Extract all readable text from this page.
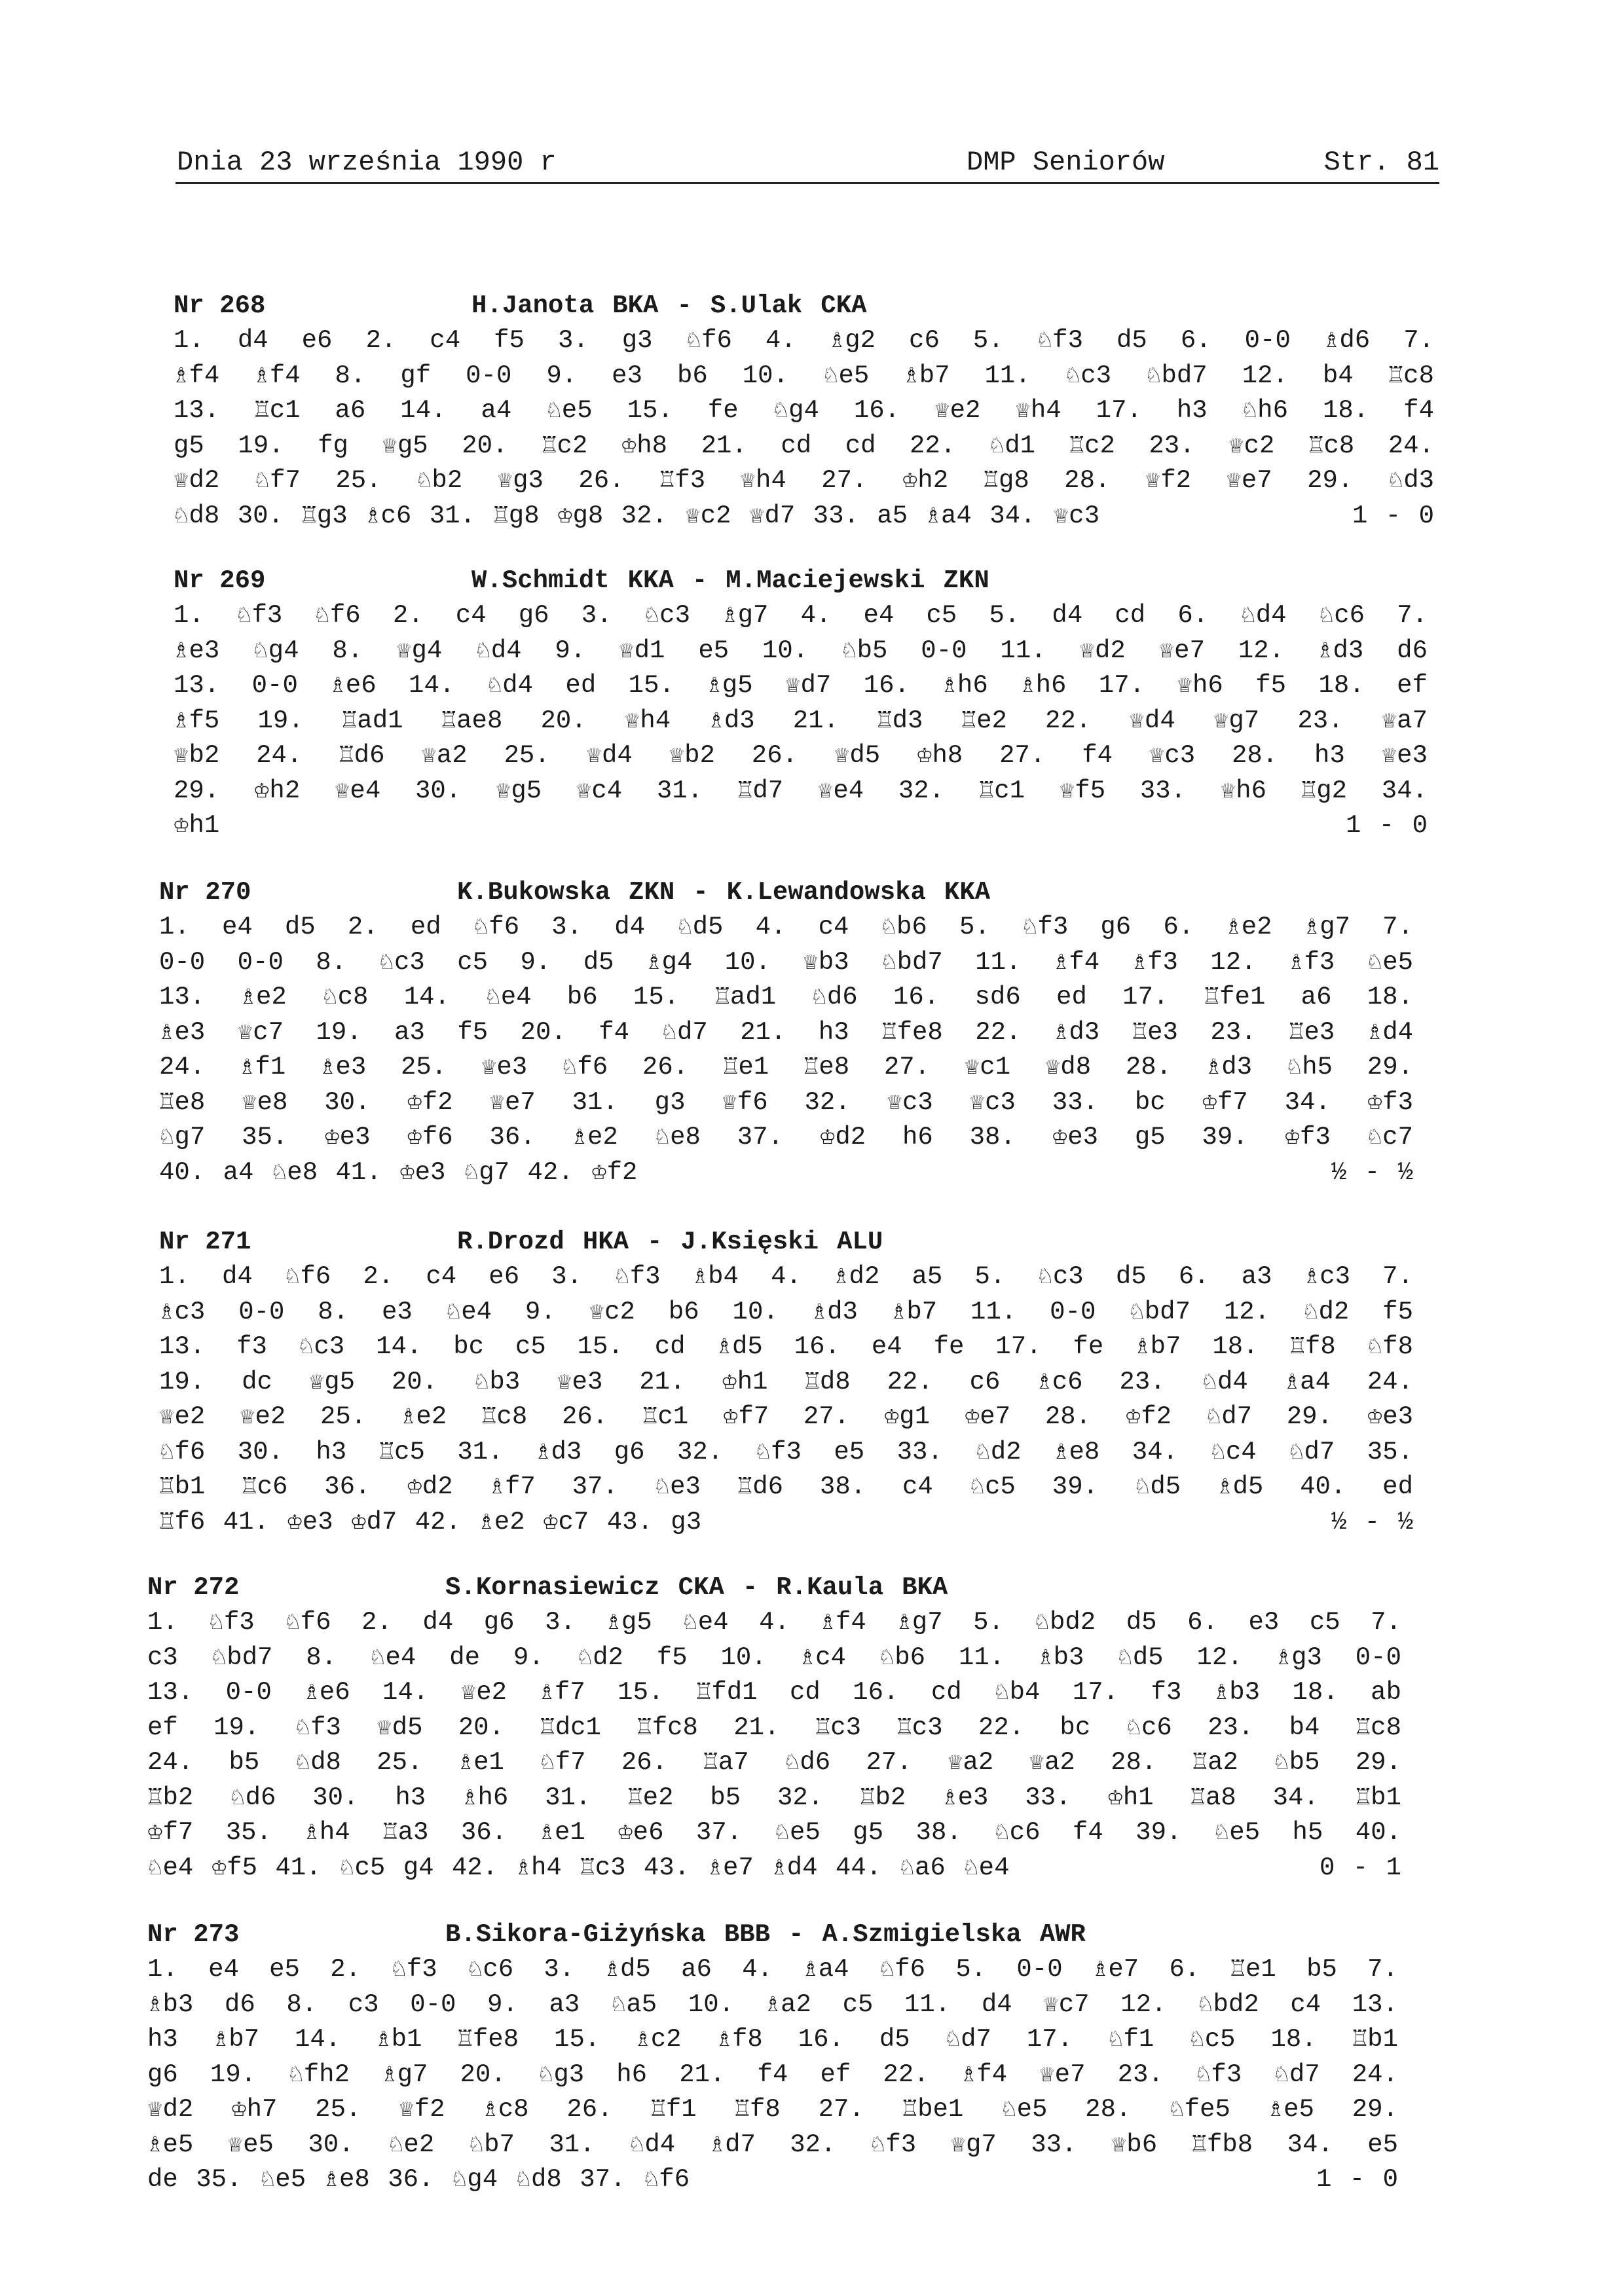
Dnia 23 września 1990 r	DMP Seniorów	Str. 81
Nr 268	H.Janota BKA - S.Ulak CKA
1. d4 e6 2. c4 f5 3. g3 ♘f6 4. ♗g2 c6 5. ♘f3 d5 6. 0-0 ♗d6 7.
♗f4 ♗f4 8. gf 0-0 9. e3 b6 10. ♘e5 ♗b7 11. ♘c3 ♘bd7 12. b4 ♖c8
13. ♖c1 a6 14. a4 ♘e5 15. fe ♘g4 16. ♕e2 ♕h4 17. h3 ♘h6 18. f4
g5 19. fg ♕g5 20. ♖c2 ♔h8 21. cd cd 22. ♘d1 ♖c2 23. ♕c2 ♖c8 24.
♕d2 ♘f7 25. ♘b2 ♕g3 26. ♖f3 ♕h4 27. ♔h2 ♖g8 28. ♕f2 ♕e7 29. ♘d3
♘d8 30. ♖g3 ♗c6 31. ♖g8 ♔g8 32. ♕c2 ♕d7 33. a5 ♗a4 34. ♕c3	1 - 0
Nr 269	W.Schmidt KKA - M.Maciejewski ZKN
1. ♘f3 ♘f6 2. c4 g6 3. ♘c3 ♗g7 4. e4 c5 5. d4 cd 6. ♘d4 ♘c6 7.
♗e3 ♘g4 8. ♕g4 ♘d4 9. ♕d1 e5 10. ♘b5 0-0 11. ♕d2 ♕e7 12. ♗d3 d6
13. 0-0 ♗e6 14. ♘d4 ed 15. ♗g5 ♕d7 16. ♗h6 ♗h6 17. ♕h6 f5 18. ef
♗f5 19. ♖ad1 ♖ae8 20. ♕h4 ♗d3 21. ♖d3 ♖e2 22. ♕d4 ♕g7 23. ♕a7
♕b2 24. ♖d6 ♕a2 25. ♕d4 ♕b2 26. ♕d5 ♔h8 27. f4 ♕c3 28. h3 ♕e3
29. ♔h2 ♕e4 30. ♕g5 ♕c4 31. ♖d7 ♕e4 32. ♖c1 ♕f5 33. ♕h6 ♖g2 34.
♔h1	1 - 0
Nr 270	K.Bukowska ZKN - K.Lewandowska KKA
1. e4 d5 2. ed ♘f6 3. d4 ♘d5 4. c4 ♘b6 5. ♘f3 g6 6. ♗e2 ♗g7 7.
0-0 0-0 8. ♘c3 c5 9. d5 ♗g4 10. ♕b3 ♘bd7 11. ♗f4 ♗f3 12. ♗f3 ♘e5
13. ♗e2 ♘c8 14. ♘e4 b6 15. ♖ad1 ♘d6 16. sd6 ed 17. ♖fe1 a6 18.
♗e3 ♕c7 19. a3 f5 20. f4 ♘d7 21. h3 ♖fe8 22. ♗d3 ♖e3 23. ♖e3 ♗d4
24. ♗f1 ♗e3 25. ♕e3 ♘f6 26. ♖e1 ♖e8 27. ♕c1 ♕d8 28. ♗d3 ♘h5 29.
♖e8 ♕e8 30. ♔f2 ♕e7 31. g3 ♕f6 32. ♕c3 ♕c3 33. bc ♔f7 34. ♔f3
♘g7 35. ♔e3 ♔f6 36. ♗e2 ♘e8 37. ♔d2 h6 38. ♔e3 g5 39. ♔f3 ♘c7
40. a4 ♘e8 41. ♔e3 ♘g7 42. ♔f2	½ - ½
Nr 271	R.Drozd HKA - J.Księski ALU
1. d4 ♘f6 2. c4 e6 3. ♘f3 ♗b4 4. ♗d2 a5 5. ♘c3 d5 6. a3 ♗c3 7.
♗c3 0-0 8. e3 ♘e4 9. ♕c2 b6 10. ♗d3 ♗b7 11. 0-0 ♘bd7 12. ♘d2 f5
13. f3 ♘c3 14. bc c5 15. cd ♗d5 16. e4 fe 17. fe ♗b7 18. ♖f8 ♘f8
19. dc ♕g5 20. ♘b3 ♕e3 21. ♔h1 ♖d8 22. c6 ♗c6 23. ♘d4 ♗a4 24.
♕e2 ♕e2 25. ♗e2 ♖c8 26. ♖c1 ♔f7 27. ♔g1 ♔e7 28. ♔f2 ♘d7 29. ♔e3
♘f6 30. h3 ♖c5 31. ♗d3 g6 32. ♘f3 e5 33. ♘d2 ♗e8 34. ♘c4 ♘d7 35.
♖b1 ♖c6 36. ♔d2 ♗f7 37. ♘e3 ♖d6 38. c4 ♘c5 39. ♘d5 ♗d5 40. ed
♖f6 41. ♔e3 ♔d7 42. ♗e2 ♔c7 43. g3	½ - ½
Nr 272	S.Kornasiewicz CKA - R.Kaula BKA
1. ♘f3 ♘f6 2. d4 g6 3. ♗g5 ♘e4 4. ♗f4 ♗g7 5. ♘bd2 d5 6. e3 c5 7.
c3 ♘bd7 8. ♘e4 de 9. ♘d2 f5 10. ♗c4 ♘b6 11. ♗b3 ♘d5 12. ♗g3 0-0
13. 0-0 ♗e6 14. ♕e2 ♗f7 15. ♖fd1 cd 16. cd ♘b4 17. f3 ♗b3 18. ab
ef 19. ♘f3 ♕d5 20. ♖dc1 ♖fc8 21. ♖c3 ♖c3 22. bc ♘c6 23. b4 ♖c8
24. b5 ♘d8 25. ♗e1 ♘f7 26. ♖a7 ♘d6 27. ♕a2 ♕a2 28. ♖a2 ♘b5 29.
♖b2 ♘d6 30. h3 ♗h6 31. ♖e2 b5 32. ♖b2 ♗e3 33. ♔h1 ♖a8 34. ♖b1
♔f7 35. ♗h4 ♖a3 36. ♗e1 ♔e6 37. ♘e5 g5 38. ♘c6 f4 39. ♘e5 h5 40.
♘e4 ♔f5 41. ♘c5 g4 42. ♗h4 ♖c3 43. ♗e7 ♗d4 44. ♘a6 ♘e4	0 - 1
Nr 273	B.Sikora-Giżyńska BBB - A.Szmigielska AWR
1. e4 e5 2. ♘f3 ♘c6 3. ♗d5 a6 4. ♗a4 ♘f6 5. 0-0 ♗e7 6. ♖e1 b5 7.
♗b3 d6 8. c3 0-0 9. a3 ♘a5 10. ♗a2 c5 11. d4 ♕c7 12. ♘bd2 c4 13.
h3 ♗b7 14. ♗b1 ♖fe8 15. ♗c2 ♗f8 16. d5 ♘d7 17. ♘f1 ♘c5 18. ♖b1
g6 19. ♘fh2 ♗g7 20. ♘g3 h6 21. f4 ef 22. ♗f4 ♕e7 23. ♘f3 ♘d7 24.
♕d2 ♔h7 25. ♕f2 ♗c8 26. ♖f1 ♖f8 27. ♖be1 ♘e5 28. ♘fe5 ♗e5 29.
♗e5 ♕e5 30. ♘e2 ♘b7 31. ♘d4 ♗d7 32. ♘f3 ♕g7 33. ♕b6 ♖fb8 34. e5
de 35. ♘e5 ♗e8 36. ♘g4 ♘d8 37. ♘f6	1 - 0
